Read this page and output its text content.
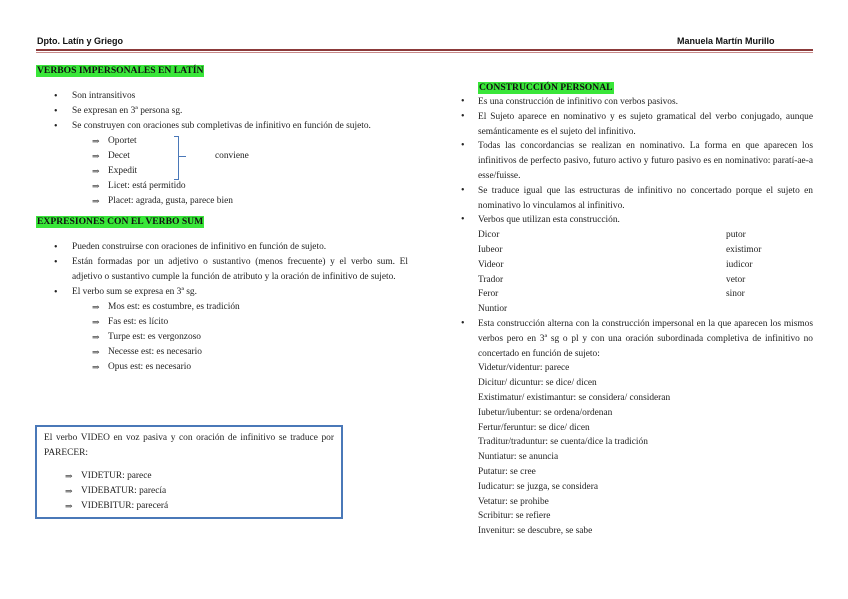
Dpto. Latín y Griego	Manuela Martín Murillo
VERBOS IMPERSONALES EN LATÍN
• Son intransitivos
• Se expresan en 3ª persona sg.
• Se construyen con oraciones sub completivas de infinitivo en función de sujeto.
⇒ Oportet
⇒ Decet
⇒ Expedit
⇒ Licet: está permitido
⇒ Placet: agrada, gusta, parece bien
conviene
EXPRESIONES CON EL VERBO SUM
• Pueden construirse con oraciones de infinitivo en función de sujeto.
• Están formadas por un adjetivo o sustantivo (menos frecuente) y el verbo sum. El adjetivo o sustantivo cumple la función de atributo y la oración de infinitivo de sujeto.
• El verbo sum se expresa en 3ª sg.
⇒ Mos est: es costumbre, es tradición
⇒ Fas est: es lícito
⇒ Turpe est: es vergonzoso
⇒ Necesse est: es necesario
⇒ Opus est: es necesario
El verbo VIDEO en voz pasiva y con oración de infinitivo se traduce por PARECER:
⇒ VIDETUR: parece
⇒ VIDEBATUR: parecía
⇒ VIDEBITUR: parecerá
CONSTRUCCIÓN PERSONAL
• Es una construcción de infinitivo con verbos pasivos.
• El Sujeto aparece en nominativo y es sujeto gramatical del verbo conjugado, aunque semánticamente es el sujeto del infinitivo.
• Todas las concordancias se realizan en nominativo. La forma en que aparecen los infinitivos de perfecto pasivo, futuro activo y futuro pasivo es en nominativo: paratí-ae-a esse/fuisse.
• Se traduce igual que las estructuras de infinitivo no concertado porque el sujeto en nominativo lo vinculamos al infinitivo.
• Verbos que utilizan esta construcción.
Dicor	putor
Iubeor	existimor
Videor	iudicor
Trador	vetor
Feror	sinor
Nuntior
• Esta construcción alterna con la construcción impersonal en la que aparecen los mismos verbos pero en 3ª sg o pl y con una oración subordinada completiva de infinitivo no concertado en función de sujeto:
Videtur/videntur: parece
Dicitur/ dicuntur: se dice/ dicen
Existimatur/ existimantur: se considera/ consideran
Iubetur/iubentur: se ordena/ordenan
Fertur/feruntur: se dice/ dicen
Traditur/traduntur: se cuenta/dice la tradición
Nuntiatur: se anuncia
Putatur: se cree
Iudicatur: se juzga, se considera
Vetatur: se prohibe
Scribitur: se refiere
Invenitur: se descubre, se sabe
